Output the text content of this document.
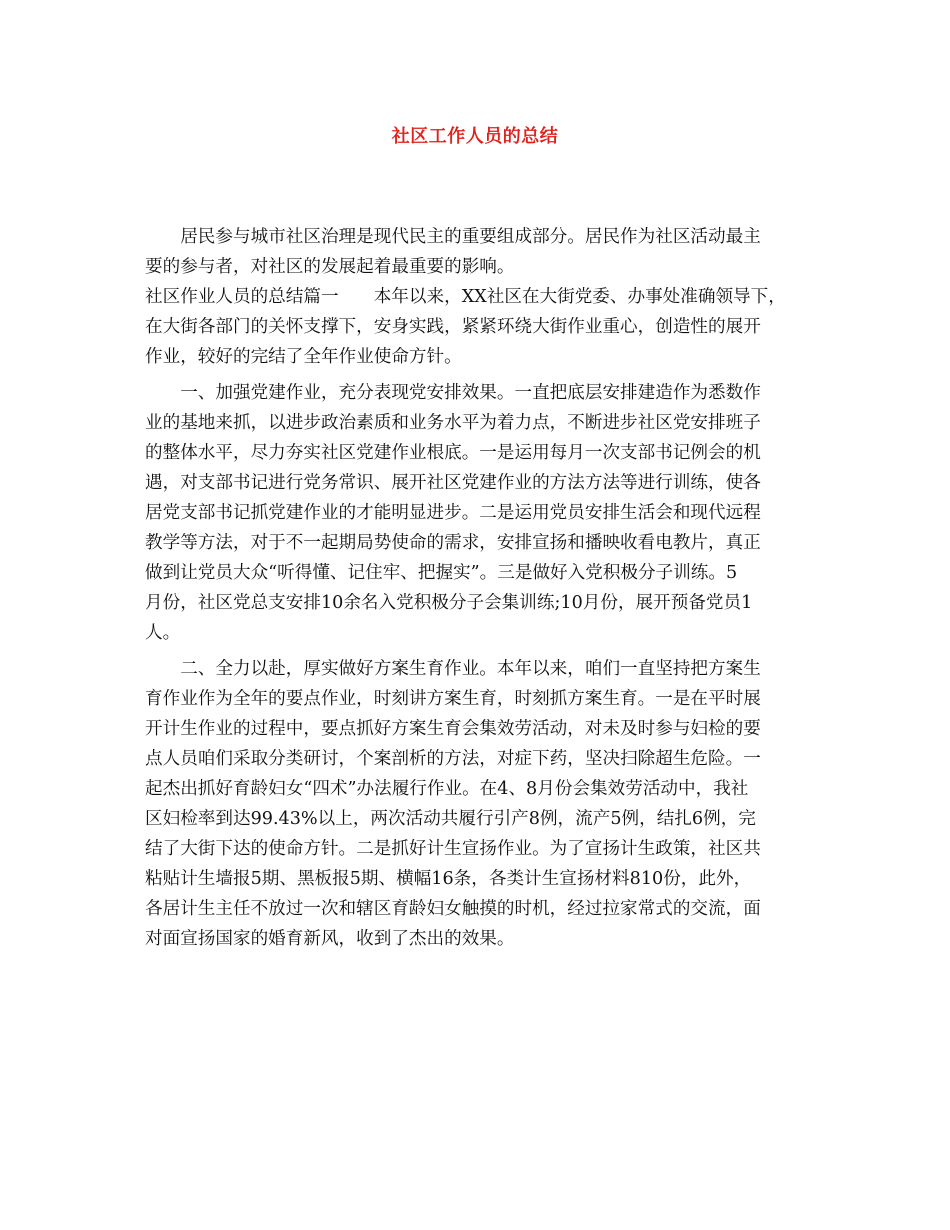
社区工作人员的总结
　　居民参与城市社区治理是现代民主的重要组成部分。居民作为社区活动最主
要的参与者，对社区的发展起着最重要的影响。
社区作业人员的总结篇一　　本年以来，XX社区在大街党委、办事处准确领导下，
在大街各部门的关怀支撑下，安身实践，紧紧环绕大街作业重心，创造性的展开
作业，较好的完结了全年作业使命方针。
　　一、加强党建作业，充分表现党安排效果。一直把底层安排建造作为悉数作
业的基地来抓，以进步政治素质和业务水平为着力点，不断进步社区党安排班子
的整体水平，尽力夯实社区党建作业根底。一是运用每月一次支部书记例会的机
遇，对支部书记进行党务常识、展开社区党建作业的方法方法等进行训练，使各
居党支部书记抓党建作业的才能明显进步。二是运用党员安排生活会和现代远程
教学等方法，对于不一起期局势使命的需求，安排宣扬和播映收看电教片，真正
做到让党员大众“听得懂、记住牢、把握实”。三是做好入党积极分子训练。5
月份，社区党总支安排10余名入党积极分子会集训练;10月份，展开预备党员1
人。
　　二、全力以赴，厚实做好方案生育作业。本年以来，咱们一直坚持把方案生
育作业作为全年的要点作业，时刻讲方案生育，时刻抓方案生育。一是在平时展
开计生作业的过程中，要点抓好方案生育会集效劳活动，对未及时参与妇检的要
点人员咱们采取分类研讨，个案剖析的方法，对症下药，坚决扫除超生危险。一
起杰出抓好育龄妇女“四术”办法履行作业。在4、8月份会集效劳活动中，我社
区妇检率到达99.43%以上，两次活动共履行引产8例，流产5例，结扎6例，完
结了大街下达的使命方针。二是抓好计生宣扬作业。为了宣扬计生政策，社区共
粘贴计生墙报5期、黑板报5期、横幅16条，各类计生宣扬材料810份，此外，
各居计生主任不放过一次和辖区育龄妇女触摸的时机，经过拉家常式的交流，面
对面宣扬国家的婚育新风，收到了杰出的效果。
